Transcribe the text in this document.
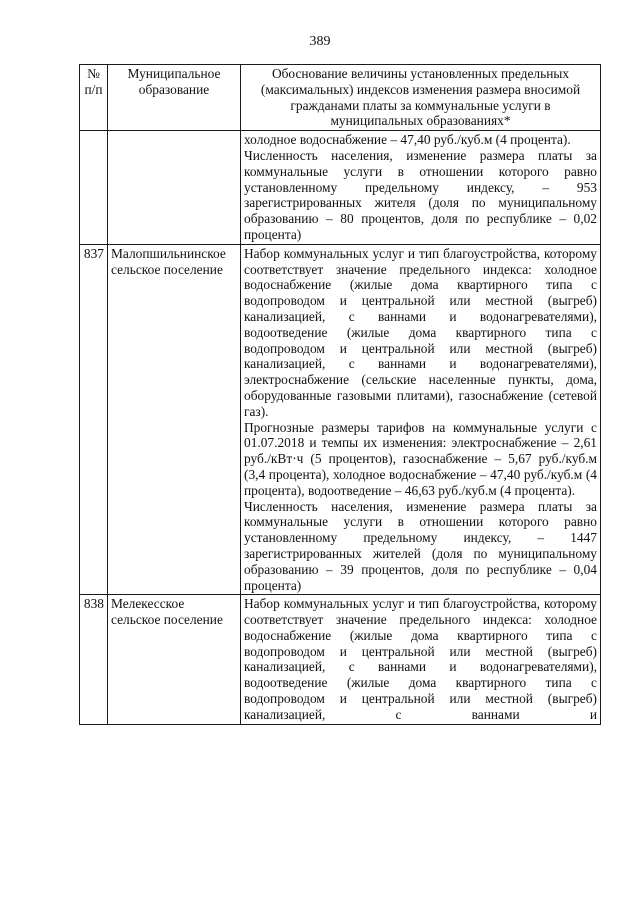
389
№ п/п	Муниципальное образование	Обоснование величины установленных предельных (максимальных) индексов изменения размера вносимой гражданами платы за коммунальные услуги в муниципальных образованиях*

		холодное водоснабжение – 47,40 руб./куб.м (4 процента).
Численность населения, изменение размера платы за коммунальные услуги в отношении которого равно установленному предельному индексу, – 953 зарегистрированных жителя (доля по муниципальному образованию – 80 процентов, доля по республике – 0,02 процента)

837	Малопшильнинское сельское поселение	Набор коммунальных услуг и тип благоустройства, которому соответствует значение предельного индекса: холодное водоснабжение (жилые дома квартирного типа с водопроводом и центральной или местной (выгреб) канализацией, с ваннами и водонагревателями), водоотведение (жилые дома квартирного типа с водопроводом и центральной или местной (выгреб) канализацией, с ваннами и водонагревателями), электроснабжение (сельские населенные пункты, дома, оборудованные газовыми плитами), газоснабжение (сетевой газ).
Прогнозные размеры тарифов на коммунальные услуги с 01.07.2018 и темпы их изменения: электроснабжение – 2,61 руб./кВт·ч (5 процентов), газоснабжение – 5,67 руб./куб.м (3,4 процента), холодное водоснабжение – 47,40 руб./куб.м (4 процента), водоотведение – 46,63 руб./куб.м (4 процента).
Численность населения, изменение размера платы за коммунальные услуги в отношении которого равно установленному предельному индексу, – 1447 зарегистрированных жителей (доля по муниципальному образованию – 39 процентов, доля по республике – 0,04 процента)

838	Мелекесское сельское поселение	Набор коммунальных услуг и тип благоустройства, которому соответствует значение предельного индекса: холодное водоснабжение (жилые дома квартирного типа с водопроводом и центральной или местной (выгреб) канализацией, с ваннами и водонагревателями), водоотведение (жилые дома квартирного типа с водопроводом и центральной или местной (выгреб) канализацией, с ваннами и
